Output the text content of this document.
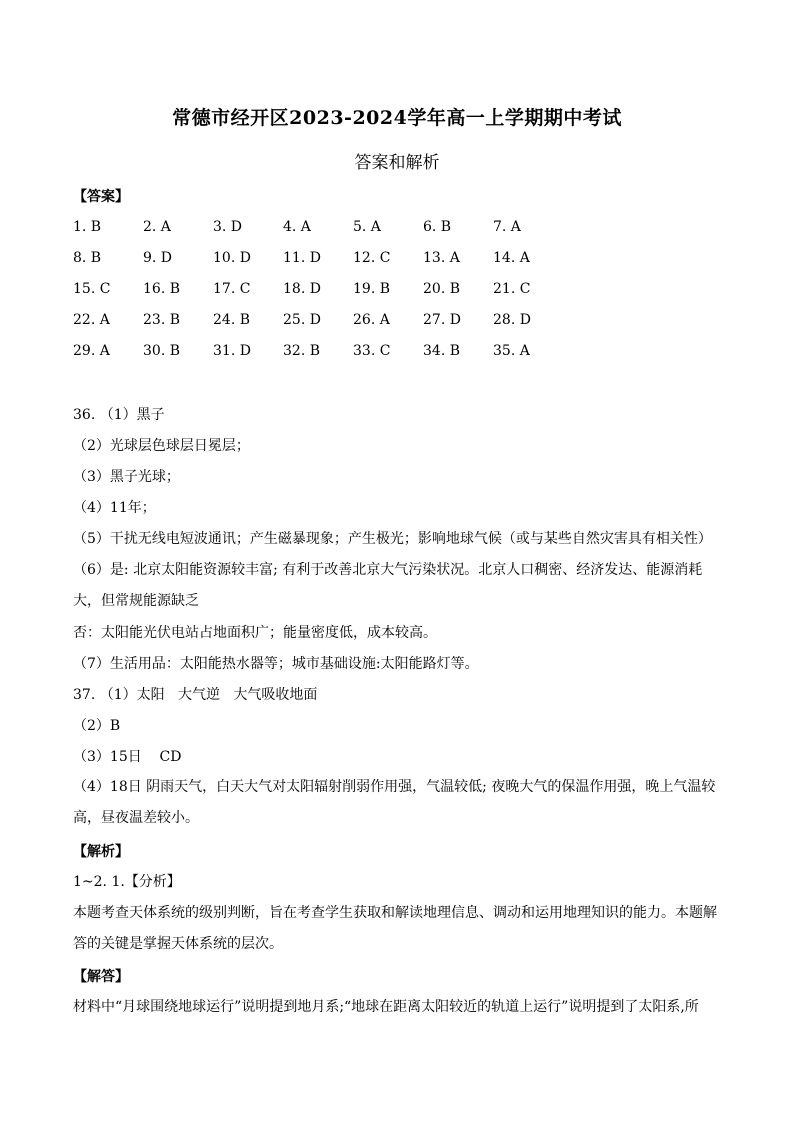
常德市经开区2023-2024学年高一上学期期中考试
答案和解析
【答案】
1. B	2. A	3. D	4. A	5. A	6. B	7. A
8. B	9. D	10. D	11. D	12. C	13. A	14. A
15. C	16. B	17. C	18. D	19. B	20. B	21. C
22. A	23. B	24. B	25. D	26. A	27. D	28. D
29. A	30. B	31. D	32. B	33. C	34. B	35. A
36. （1）黑子
（2）光球层色球层日冕层；
（3）黑子光球；
（4）11年；
（5）干扰无线电短波通讯；产生磁暴现象；产生极光；影响地球气候（或与某些自然灾害具有相关性）
（6）是: 北京太阳能资源较丰富; 有利于改善北京大气污染状况。北京人口稠密、经济发达、能源消耗大，但常规能源缺乏
否：太阳能光伏电站占地面积广；能量密度低，成本较高。
（7）生活用品：太阳能热水器等；城市基础设施:太阳能路灯等。
37. （1）太阳   大气逆   大气吸收地面
（2）B
（3）15日    CD
（4）18日 阴雨天气，白天大气对太阳辐射削弱作用强，气温较低; 夜晚大气的保温作用强，晚上气温较高，昼夜温差较小。
【解析】
1~2. 1.【分析】
本题考查天体系统的级别判断，旨在考查学生获取和解读地理信息、调动和运用地理知识的能力。本题解答的关键是掌握天体系统的层次。
【解答】
材料中“月球围绕地球运行”说明提到地月系;“地球在距离太阳较近的轨道上运行”说明提到了太阳系,所
